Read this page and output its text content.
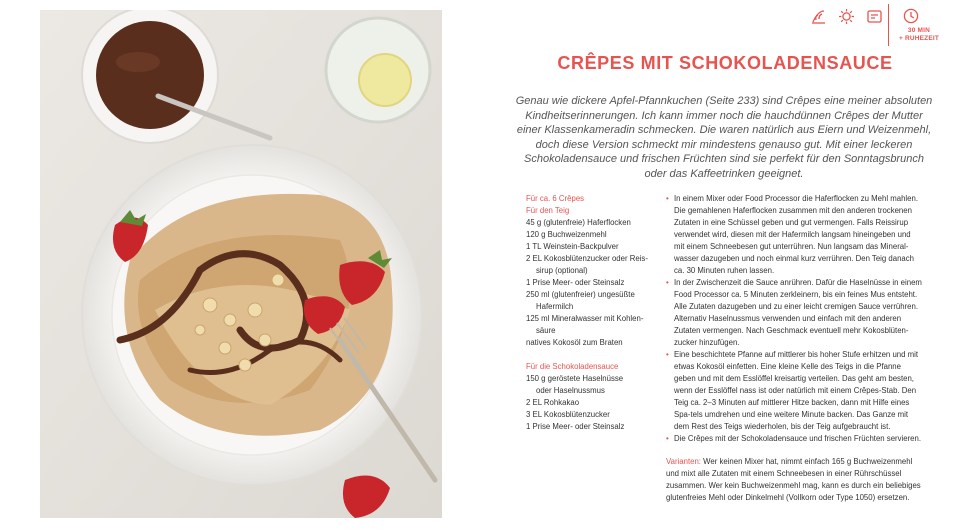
30 MIN
+ RUHEZEIT
CRÊPES MIT SCHOKOLADENSAUCE
Genau wie dickere Apfel-Pfannkuchen (Seite 233) sind Crêpes eine meiner absoluten Kindheitserinnerungen. Ich kann immer noch die hauchdünnen Crêpes der Mutter einer Klassenkameradin schmecken. Die waren natürlich aus Eiern und Weizenmehl, doch diese Version schmeckt mir mindestens genauso gut. Mit einer leckeren Schokoladensauce und frischen Früchten sind sie perfekt für den Sonntagsbrunch oder das Kaffeetrinken geeignet.
Für ca. 6 Crêpes
Für den Teig
45 g (glutenfreie) Haferflocken
120 g Buchweizenmehl
1 TL Weinstein-Backpulver
2 EL Kokosblütenzucker oder Reis-
sirup (optional)
1 Prise Meer- oder Steinsalz
250 ml (glutenfreier) ungesüßte
Hafermilch
125 ml Mineralwasser mit Kohlen-
säure
natives Kokosöl zum Braten
Für die Schokoladensauce
150 g geröstete Haselnüsse
oder Haselnussmus
2 EL Rohkakao
3 EL Kokosblütenzucker
1 Prise Meer- oder Steinsalz
• In einem Mixer oder Food Processor die Haferflocken zu Mehl mahlen. Die gemahlenen Haferflocken zusammen mit den anderen trockenen Zutaten in eine Schüssel geben und gut vermengen. Falls Reissirup verwendet wird, diesen mit der Hafermilch langsam hineingeben und mit einem Schneebesen gut unterrühren. Nun langsam das Mineral-wasser dazugeben und noch einmal kurz verrühren. Den Teig danach ca. 30 Minuten ruhen lassen.
• In der Zwischenzeit die Sauce anrühren. Dafür die Haselnüsse in einem Food Processor ca. 5 Minuten zerkleinern, bis ein feines Mus entsteht. Alle Zutaten dazugeben und zu einer leicht cremigen Sauce verrühren. Alternativ Haselnussmus verwenden und einfach mit den anderen Zutaten vermengen. Nach Geschmack eventuell mehr Kokosblüten-zucker hinzufügen.
• Eine beschichtete Pfanne auf mittlerer bis hoher Stufe erhitzen und mit etwas Kokosöl einfetten. Eine kleine Kelle des Teigs in die Pfanne geben und mit dem Esslöffel kreisartig verteilen. Das geht am besten, wenn der Esslöffel nass ist oder natürlich mit einem Crêpes-Stab. Den Teig ca. 2–3 Minuten auf mittlerer Hitze backen, dann mit Hilfe eines Spa-tels umdrehen und eine weitere Minute backen. Das Ganze mit dem Rest des Teigs wiederholen, bis der Teig aufgebraucht ist.
• Die Crêpes mit der Schokoladensauce und frischen Früchten servieren.
Varianten: Wer keinen Mixer hat, nimmt einfach 165 g Buchweizenmehl und mixt alle Zutaten mit einem Schneebesen in einer Rührschüssel zusammen. Wer kein Buchweizenmehl mag, kann es durch ein beliebiges glutenfreies Mehl oder Dinkelmehl (Vollkorn oder Type 1050) ersetzen.
